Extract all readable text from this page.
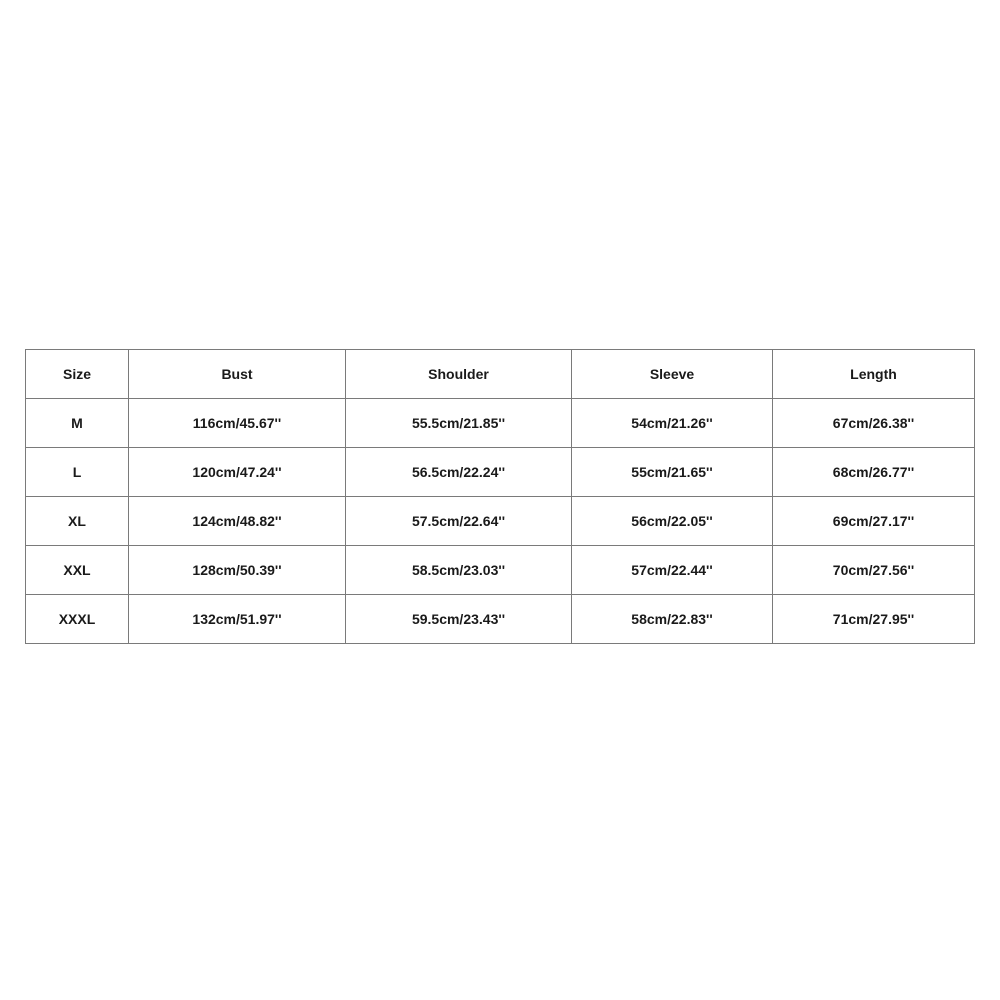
Size	Bust	Shoulder	Sleeve	Length
M	116cm/45.67''	55.5cm/21.85''	54cm/21.26''	67cm/26.38''
L	120cm/47.24''	56.5cm/22.24''	55cm/21.65''	68cm/26.77''
XL	124cm/48.82''	57.5cm/22.64''	56cm/22.05''	69cm/27.17''
XXL	128cm/50.39''	58.5cm/23.03''	57cm/22.44''	70cm/27.56''
XXXL	132cm/51.97''	59.5cm/23.43''	58cm/22.83''	71cm/27.95''
